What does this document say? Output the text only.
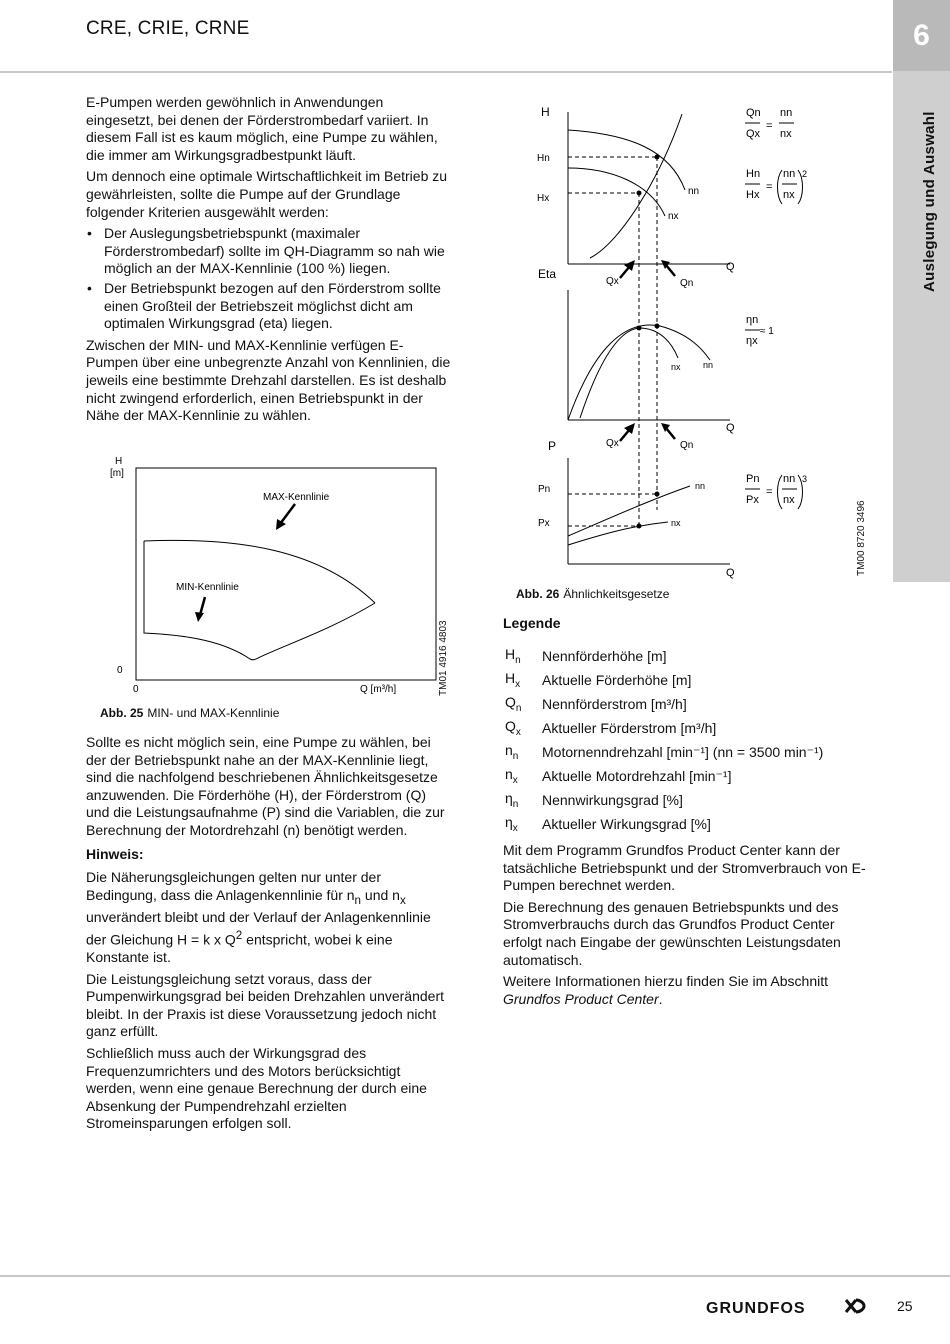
CRE, CRIE, CRNE	6
Auslegung und Auswahl

E-Pumpen werden gewöhnlich in Anwendungen eingesetzt, bei denen der Förderstrombedarf variiert. In diesem Fall ist es kaum möglich, eine Pumpe zu wählen, die immer am Wirkungsgradbestpunkt läuft.

Um dennoch eine optimale Wirtschaftlichkeit im Betrieb zu gewährleisten, sollte die Pumpe auf der Grundlage folgender Kriterien ausgewählt werden:

• Der Auslegungsbetriebspunkt (maximaler Förderstrombedarf) sollte im QH-Diagramm so nah wie möglich an der MAX-Kennlinie (100 %) liegen.
• Der Betriebspunkt bezogen auf den Förderstrom sollte einen Großteil der Betriebszeit möglichst dicht am optimalen Wirkungsgrad (eta) liegen.

Zwischen der MIN- und MAX-Kennlinie verfügen E-Pumpen über eine unbegrenzte Anzahl von Kennlinien, die jeweils eine bestimmte Drehzahl darstellen. Es ist deshalb nicht zwingend erforderlich, einen Betriebspunkt in der Nähe der MAX-Kennlinie zu wählen.

H
[m]
0
0	Q [m³/h]
MAX-Kennlinie
MIN-Kennlinie
TM01 4916 4803
Abb. 25 MIN- und MAX-Kennlinie

Sollte es nicht möglich sein, eine Pumpe zu wählen, bei der der Betriebspunkt nahe an der MAX-Kennlinie liegt, sind die nachfolgend beschriebenen Ähnlichkeitsgesetze anzuwenden. Die Förderhöhe (H), der Förderstrom (Q) und die Leistungsaufnahme (P) sind die Variablen, die zur Berechnung der Motordrehzahl (n) benötigt werden.

Hinweis:

Die Näherungsgleichungen gelten nur unter der Bedingung, dass die Anlagenkennlinie für $n_n$ und $n_x$ unverändert bleibt und der Verlauf der Anlagenkennlinie der Gleichung H = k x $Q^2$ entspricht, wobei k eine Konstante ist.

Die Leistungsgleichung setzt voraus, dass der Pumpenwirkungsgrad bei beiden Drehzahlen unverändert bleibt. In der Praxis ist diese Voraussetzung jedoch nicht ganz erfüllt.

Schließlich muss auch der Wirkungsgrad des Frequenzumrichters und des Motors berücksichtigt werden, wenn eine genaue Berechnung der durch eine Absenkung der Pumpendrehzahl erzielten Stromeinsparungen erfolgen soll.

H
Hn
Hx
nn
nx
Q
Eta
Qx	Qn
nx nn
Q
P	Qx	Qn
Pn
Px
nn
nx
Q
Qn
Qx
=
nn
nx
Hn
Hx
=
nn
nx
2
ηn
ηx
≈ 1
Pn
Px
=
nn
nx
3
TM00 8720 3496
Abb. 26 Ähnlichkeitsgesetze
Legende
$H_n$	Nennförderhöhe [m]
$H_x$	Aktuelle Förderhöhe [m]
$Q_n$	Nennförderstrom [m³/h]
$Q_x$	Aktueller Förderstrom [m³/h]
$n_n$	Motornenndrehzahl [min⁻¹] (nn = 3500 min⁻¹)
$n_x$	Aktuelle Motordrehzahl [min⁻¹]
$\eta_n$	Nennwirkungsgrad [%]
$\eta_x$	Aktueller Wirkungsgrad [%]

Mit dem Programm Grundfos Product Center kann der tatsächliche Betriebspunkt und der Stromverbrauch von E-Pumpen berechnet werden.

Die Berechnung des genauen Betriebspunkts und des Stromverbrauchs durch das Grundfos Product Center erfolgt nach Eingabe der gewünschten Leistungsdaten automatisch.

Weitere Informationen hierzu finden Sie im Abschnitt Grundfos Product Center.

GRUNDFOS	25
